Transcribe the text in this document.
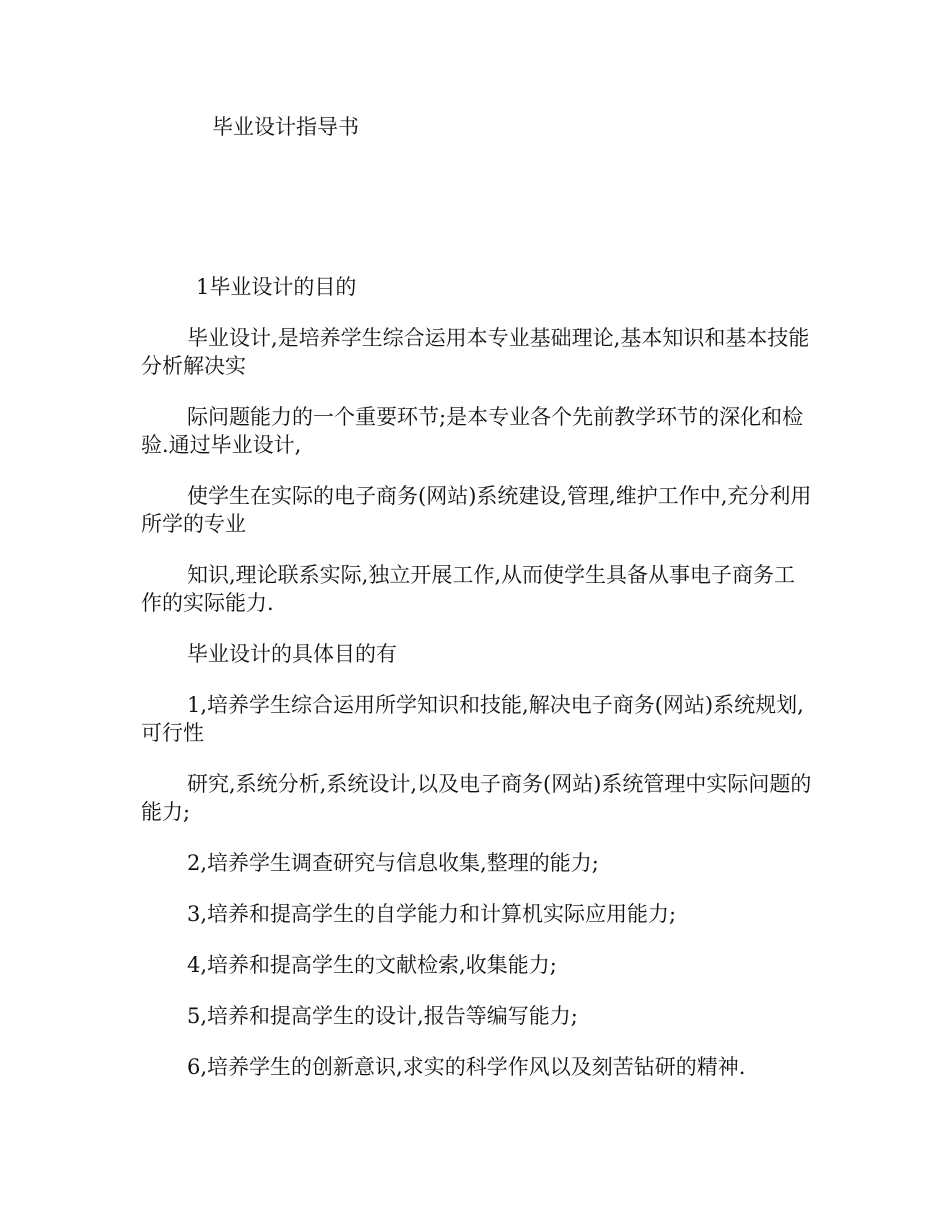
毕业设计指导书
1毕业设计的目的

毕业设计,是培养学生综合运用本专业基础理论,基本知识和基本技能分析解决实

际问题能力的一个重要环节;是本专业各个先前教学环节的深化和检验.通过毕业设计,

使学生在实际的电子商务(网站)系统建设,管理,维护工作中,充分利用所学的专业

知识,理论联系实际,独立开展工作,从而使学生具备从事电子商务工作的实际能力.

毕业设计的具体目的有

1,培养学生综合运用所学知识和技能,解决电子商务(网站)系统规划,可行性

研究,系统分析,系统设计,以及电子商务(网站)系统管理中实际问题的能力;

2,培养学生调查研究与信息收集,整理的能力;

3,培养和提高学生的自学能力和计算机实际应用能力;

4,培养和提高学生的文献检索,收集能力;

5,培养和提高学生的设计,报告等编写能力;

6,培养学生的创新意识,求实的科学作风以及刻苦钻研的精神.
